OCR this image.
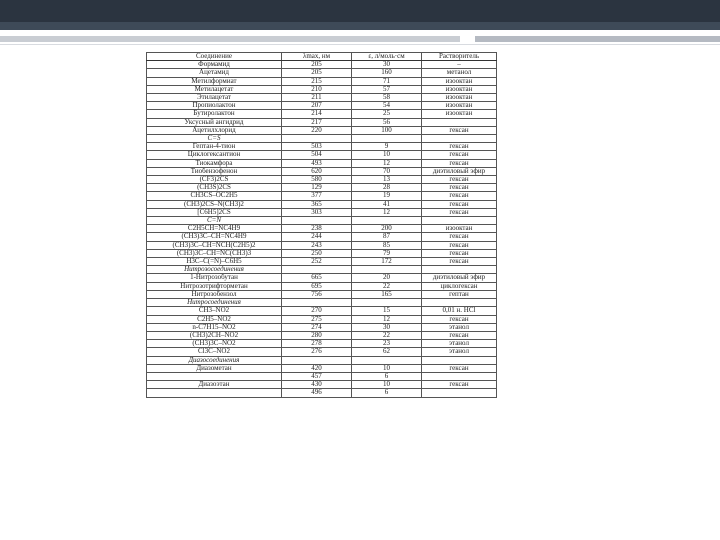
Соединение	λmax, нм	ε, л/моль·см	Растворитель
Формамид	205	30	–
Ацетамид	205	160	метанол
Метилформиат	215	71	изооктан
Метилацетат	210	57	изооктан
Этилацетат	211	58	изооктан
Пропиолактон	207	54	изооктан
Бутиролактон	214	25	изооктан
Уксусный ангидрид	217	56	
Ацетилхлорид	220	100	гексан
C=S			
Гептан-4-тион	503	9	гексан
Циклогексантион	504	10	гексан
Тиокамфора	493	12	гексан
Тиобензофенон	620	70	диэтиловый эфир
(CF3)2CS	580	13	гексан
(CH3S)2CS	129	28	гексан
CH3CS–OC2H5	377	19	гексан
(CH3)2CS–N(CH3)2	365	41	гексан
[C6H5]2CS	303	12	гексан
C=N			
C2H5CH=NC4H9	238	200	изооктан
(CH3)3C–CH=NC4H9	244	87	гексан
(CH3)3C–CH=NCH(C2H5)2	243	85	гексан
(CH3)3C–CH=NC(CH3)3	250	79	гексан
H3C–C(=N)–C6H5	252	172	гексан
Нитрозосоединения			
1-Нитрозобутан	665	20	диэтиловый эфир
Нитрозотрифторметан	695	22	циклогексан
Нитрозобензол	756	165	гептан
Нитросоединения			
CH3–NO2	270	15	0,01 н. HCl
C2H5–NO2	275	12	гексан
n-C7H15–NO2	274	30	этанол
(CH3)2CH–NO2	280	22	гексан
(CH3)3C–NO2	278	23	этанол
Cl3C–NO2	276	62	этанол
Диазосоединения			
Диазометан	420	10	гексан
	457	6	
Диазоэтан	430	10	гексан
	496	6	
